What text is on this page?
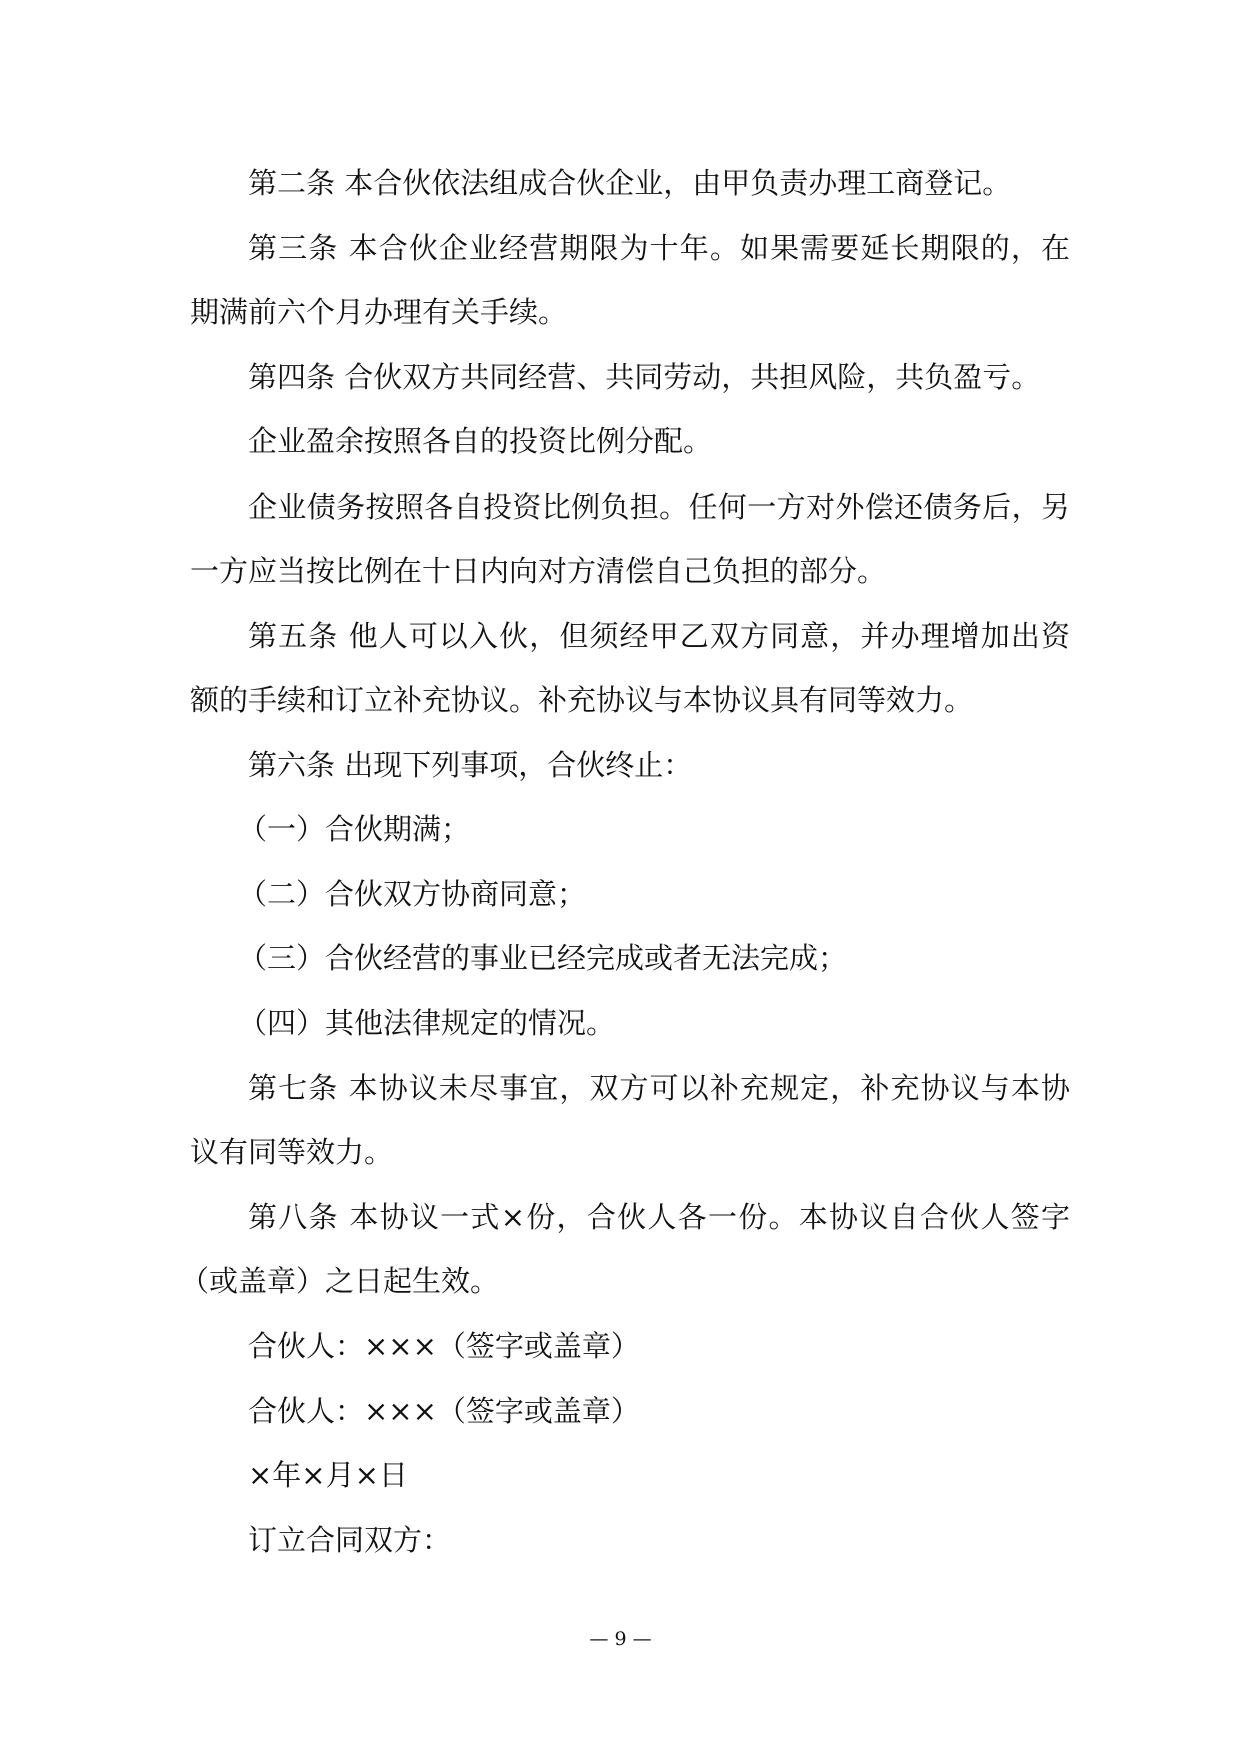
第二条 本合伙依法组成合伙企业，由甲负责办理工商登记。
第三条 本合伙企业经营期限为十年。如果需要延长期限的，在
期满前六个月办理有关手续。
第四条 合伙双方共同经营、共同劳动，共担风险，共负盈亏。
企业盈余按照各自的投资比例分配。
企业债务按照各自投资比例负担。任何一方对外偿还债务后，另
一方应当按比例在十日内向对方清偿自己负担的部分。
第五条 他人可以入伙，但须经甲乙双方同意，并办理增加出资
额的手续和订立补充协议。补充协议与本协议具有同等效力。
第六条 出现下列事项，合伙终止：
（一）合伙期满；
（二）合伙双方协商同意；
（三）合伙经营的事业已经完成或者无法完成；
（四）其他法律规定的情况。
第七条 本协议未尽事宜，双方可以补充规定，补充协议与本协
议有同等效力。
第八条 本协议一式×份，合伙人各一份。本协议自合伙人签字
（或盖章）之日起生效。
合伙人：×××（签字或盖章）
合伙人：×××（签字或盖章）
×年×月×日
订立合同双方：
— 9 —
